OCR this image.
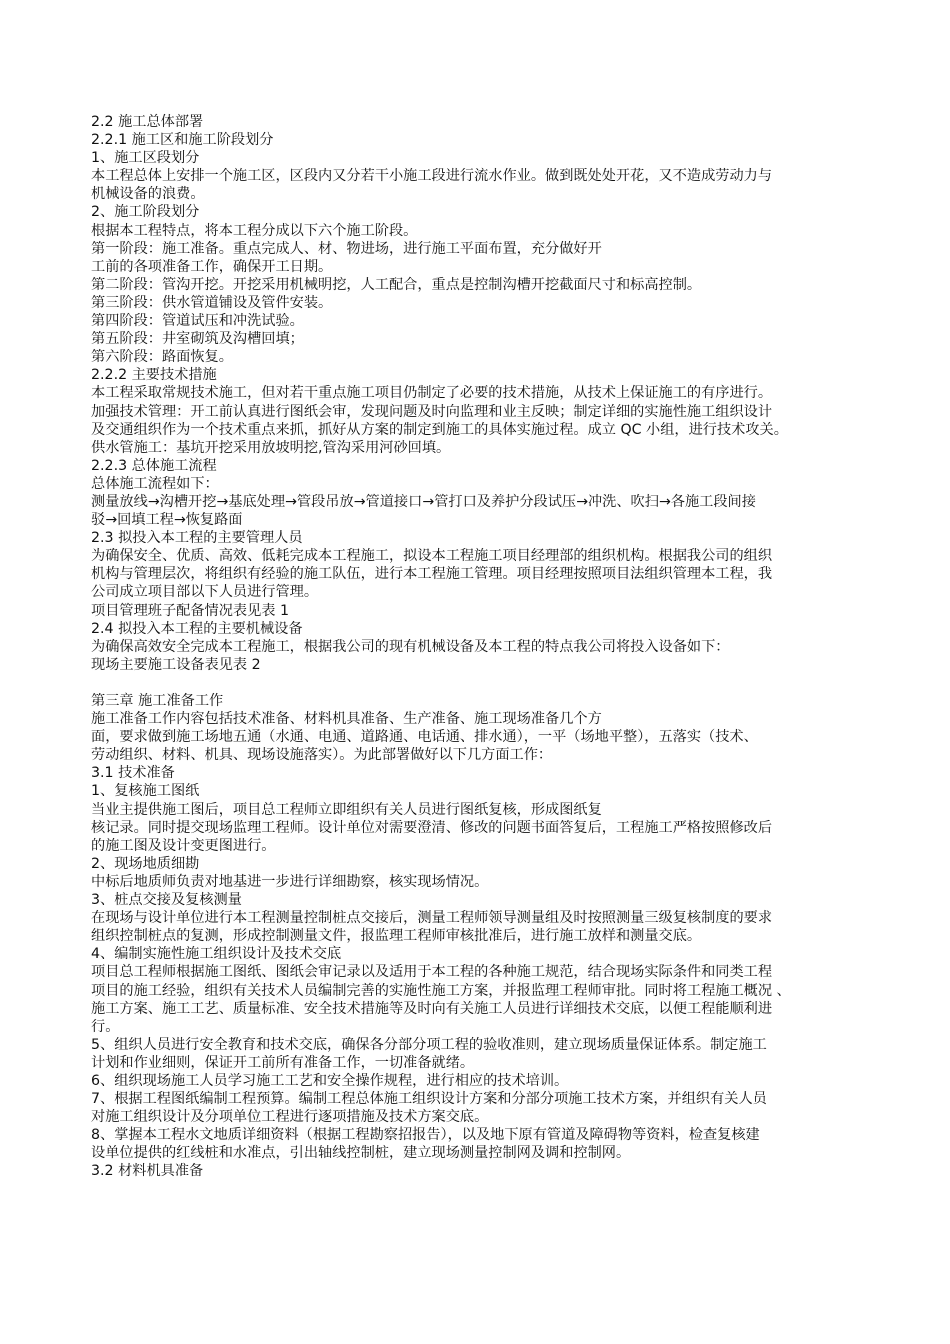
2.2 施工总体部署

2.2.1 施工区和施工阶段划分

1、施工区段划分

本工程总体上安排一个施工区，区段内又分若干小施工段进行流水作业。做到既处处开花，又不造成劳动力与

机械设备的浪费。

2、施工阶段划分

根据本工程特点，将本工程分成以下六个施工阶段。

第一阶段：施工准备。重点完成人、材、物进场，进行施工平面布置，充分做好开

工前的各项准备工作，确保开工日期。

第二阶段：管沟开挖。开挖采用机械明挖，人工配合，重点是控制沟槽开挖截面尺寸和标高控制。

第三阶段：供水管道铺设及管件安装。

第四阶段：管道试压和冲洗试验。

第五阶段：井室砌筑及沟槽回填；

第六阶段：路面恢复。

2.2.2 主要技术措施

本工程采取常规技术施工，但对若干重点施工项目仍制定了必要的技术措施，从技术上保证施工的有序进行。

加强技术管理：开工前认真进行图纸会审，发现问题及时向监理和业主反映；制定详细的实施性施工组织设计

及交通组织作为一个技术重点来抓，抓好从方案的制定到施工的具体实施过程。成立 QC 小组，进行技术攻关。

供水管施工：基坑开挖采用放坡明挖,管沟采用河砂回填。

2.2.3 总体施工流程

总体施工流程如下：

测量放线→沟槽开挖→基底处理→管段吊放→管道接口→管打口及养护分段试压→冲洗、吹扫→各施工段间接

驳→回填工程→恢复路面

2.3 拟投入本工程的主要管理人员

为确保安全、优质、高效、低耗完成本工程施工，拟设本工程施工项目经理部的组织机构。根据我公司的组织

机构与管理层次，将组织有经验的施工队伍，进行本工程施工管理。项目经理按照项目法组织管理本工程，我

公司成立项目部以下人员进行管理。

项目管理班子配备情况表见表 1

2.4 拟投入本工程的主要机械设备

为确保高效安全完成本工程施工，根据我公司的现有机械设备及本工程的特点我公司将投入设备如下：

现场主要施工设备表见表 2

第三章 施工准备工作

施工准备工作内容包括技术准备、材料机具准备、生产准备、施工现场准备几个方

面，要求做到施工场地五通（水通、电通、道路通、电话通、排水通），一平（场地平整），五落实（技术、

劳动组织、材料、机具、现场设施落实）。为此部署做好以下几方面工作：

3.1 技术准备

1、复核施工图纸

当业主提供施工图后，项目总工程师立即组织有关人员进行图纸复核，形成图纸复

核记录。同时提交现场监理工程师。设计单位对需要澄清、修改的问题书面答复后，工程施工严格按照修改后

的施工图及设计变更图进行。

2、现场地质细勘

中标后地质师负责对地基进一步进行详细勘察，核实现场情况。

3、桩点交接及复核测量

在现场与设计单位进行本工程测量控制桩点交接后，测量工程师领导测量组及时按照测量三级复核制度的要求

组织控制桩点的复测，形成控制测量文件，报监理工程师审核批准后，进行施工放样和测量交底。

4、编制实施性施工组织设计及技术交底

项目总工程师根据施工图纸、图纸会审记录以及适用于本工程的各种施工规范，结合现场实际条件和同类工程

项目的施工经验，组织有关技术人员编制完善的实施性施工方案，并报监理工程师审批。同时将工程施工概况 、

施工方案、施工工艺、质量标准、安全技术措施等及时向有关施工人员进行详细技术交底，以便工程能顺利进

行。

5、组织人员进行安全教育和技术交底，确保各分部分项工程的验收准则，建立现场质量保证体系。制定施工

计划和作业细则，保证开工前所有准备工作，一切准备就绪。

6、组织现场施工人员学习施工工艺和安全操作规程，进行相应的技术培训。

7、根据工程图纸编制工程预算。编制工程总体施工组织设计方案和分部分项施工技术方案，并组织有关人员

对施工组织设计及分项单位工程进行逐项措施及技术方案交底。

8、掌握本工程水文地质详细资料（根据工程勘察招报告），以及地下原有管道及障碍物等资料，检查复核建

设单位提供的红线桩和水准点，引出轴线控制桩，建立现场测量控制网及调和控制网。

3.2 材料机具准备
